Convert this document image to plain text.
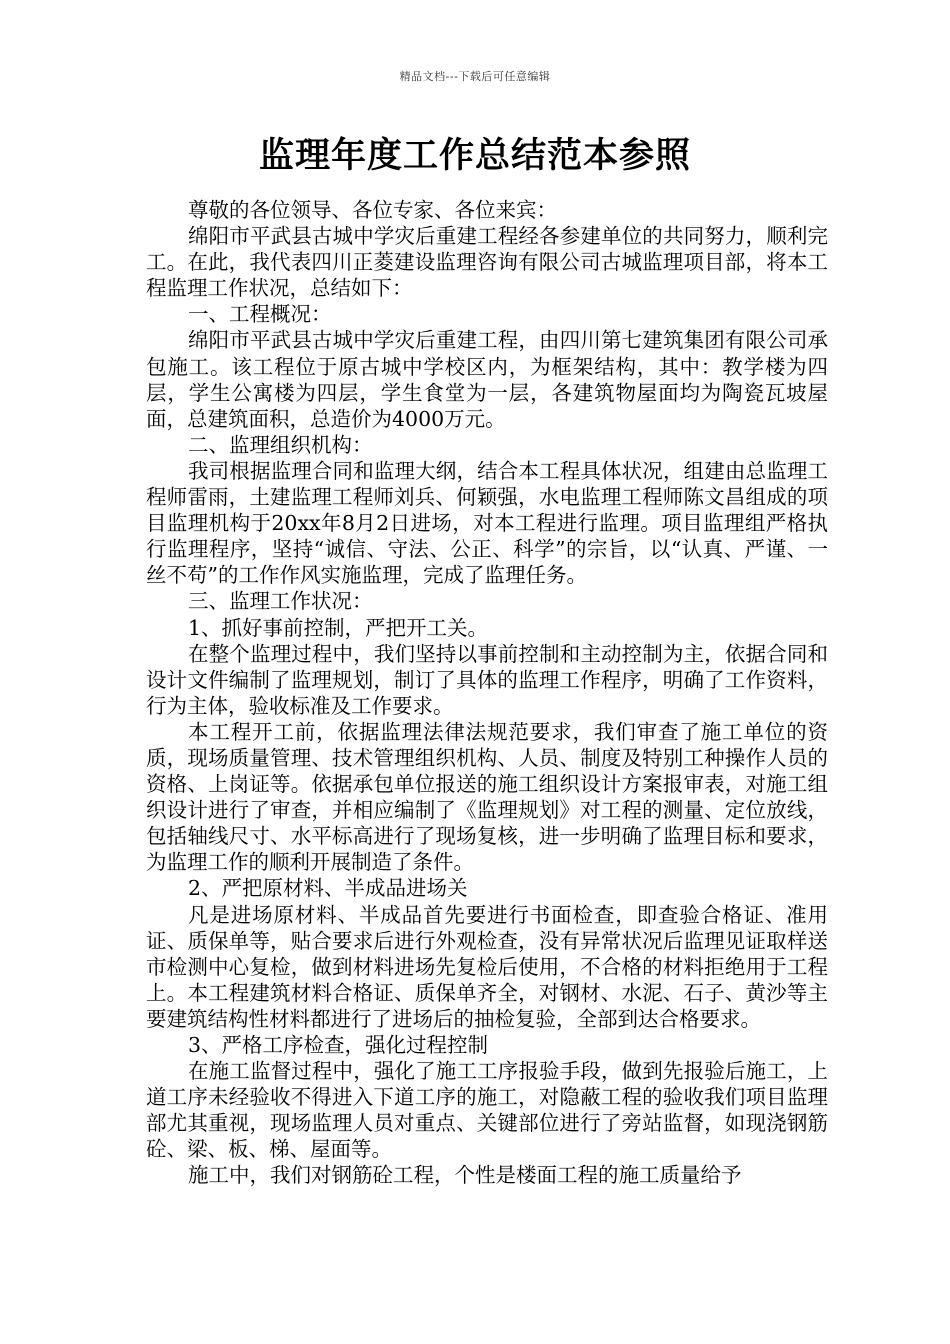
精品文档---下载后可任意编辑
监理年度工作总结范本参照

尊敬的各位领导、各位专家、各位来宾：

绵阳市平武县古城中学灾后重建工程经各参建单位的共同努力，顺利完工。在此，我代表四川正菱建设监理咨询有限公司古城监理项目部，将本工程监理工作状况，总结如下：

一、工程概况：

绵阳市平武县古城中学灾后重建工程，由四川第七建筑集团有限公司承包施工。该工程位于原古城中学校区内，为框架结构，其中：教学楼为四层，学生公寓楼为四层，学生食堂为一层，各建筑物屋面均为陶瓷瓦坡屋面，总建筑面积，总造价为4000万元。

二、监理组织机构：

我司根据监理合同和监理大纲，结合本工程具体状况，组建由总监理工程师雷雨，土建监理工程师刘兵、何颖强，水电监理工程师陈文昌组成的项目监理机构于20xx年8月2日进场，对本工程进行监理。项目监理组严格执行监理程序，坚持“诚信、守法、公正、科学”的宗旨，以“认真、严谨、一丝不苟”的工作作风实施监理，完成了监理任务。

三、监理工作状况：

1、抓好事前控制，严把开工关。

在整个监理过程中，我们坚持以事前控制和主动控制为主，依据合同和设计文件编制了监理规划，制订了具体的监理工作程序，明确了工作资料，行为主体，验收标准及工作要求。

本工程开工前，依据监理法律法规范要求，我们审查了施工单位的资质，现场质量管理、技术管理组织机构、人员、制度及特别工种操作人员的资格、上岗证等。依据承包单位报送的施工组织设计方案报审表，对施工组织设计进行了审查，并相应编制了《监理规划》对工程的测量、定位放线，包括轴线尺寸、水平标高进行了现场复核，进一步明确了监理目标和要求，为监理工作的顺利开展制造了条件。

2、严把原材料、半成品进场关

凡是进场原材料、半成品首先要进行书面检查，即查验合格证、准用证、质保单等，贴合要求后进行外观检查，没有异常状况后监理见证取样送市检测中心复检，做到材料进场先复检后使用，不合格的材料拒绝用于工程上。本工程建筑材料合格证、质保单齐全，对钢材、水泥、石子、黄沙等主要建筑结构性材料都进行了进场后的抽检复验，全部到达合格要求。

3、严格工序检查，强化过程控制

在施工监督过程中，强化了施工工序报验手段，做到先报验后施工，上道工序未经验收不得进入下道工序的施工，对隐蔽工程的验收我们项目监理部尤其重视，现场监理人员对重点、关键部位进行了旁站监督，如现浇钢筋砼、梁、板、梯、屋面等。

施工中，我们对钢筋砼工程，个性是楼面工程的施工质量给予
